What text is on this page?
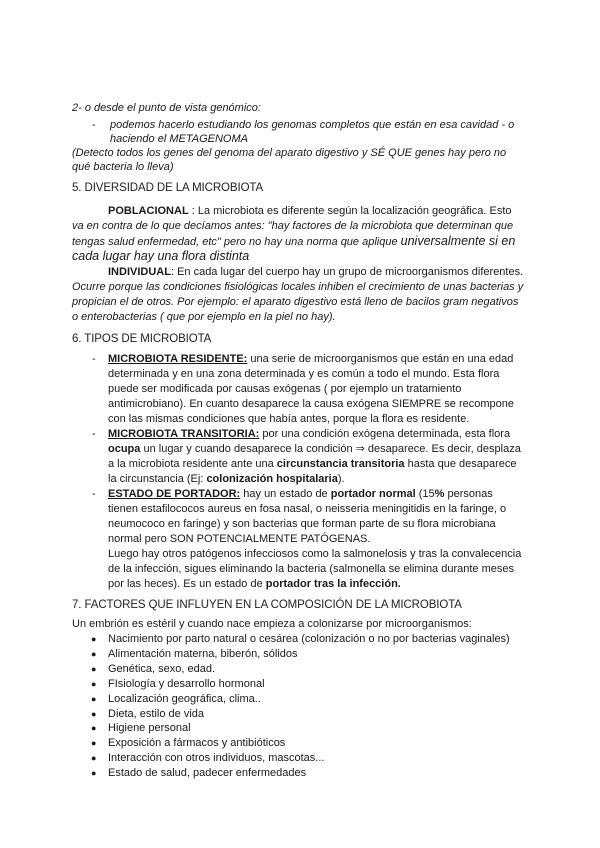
2- o desde el punto de vista genómico:
- podemos hacerlo estudiando los genomas completos que están en esa cavidad - o
haciendo el METAGENOMA
(Detecto todos los genes del genoma del aparato digestivo y SÉ QUE genes hay pero no
qué bacteria lo lleva)
5. DIVERSIDAD DE LA MICROBIOTA
POBLACIONAL : La microbiota es diferente según la localización geográfica. Esto
va en contra de lo que decíamos antes: "hay factores de la microbiota que determinan que
tengas salud enfermedad, etc" pero no hay una norma que aplique universalmente si en
cada lugar hay una flora distinta
INDIVIDUAL: En cada lugar del cuerpo hay un grupo de microorganismos diferentes.
Ocurre porque las condiciones fisiológicas locales inhiben el crecimiento de unas bacterias y
propician el de otros. Por ejemplo: el aparato digestivo está lleno de bacilos gram negativos
o enterobacterias ( que por ejemplo en la piel no hay).
6. TIPOS DE MICROBIOTA
- MICROBIOTA RESIDENTE: una serie de microorganismos que están en una edad
determinada y en una zona determinada y es común a todo el mundo. Esta flora
puede ser modificada por causas exógenas ( por ejemplo un tratamiento
antimicrobiano). En cuanto desaparece la causa exógena SIEMPRE se recompone
con las mismas condiciones que había antes, porque la flora es residente.
- MICROBIOTA TRANSITORIA: por una condición exógena determinada, esta flora
ocupa un lugar y cuando desaparece la condición ⇒ desaparece. Es decir, desplaza
a la microbiota residente ante una circunstancia transitoria hasta que desaparece
la circunstancia (Ej: colonización hospitalaria).
- ESTADO DE PORTADOR: hay un estado de portador normal (15% personas
tienen estafilococos aureus en fosa nasal, o neisseria meningitidis en la faringe, o
neumococo en faringe) y son bacterias que forman parte de su flora microbiana
normal pero SON POTENCIALMENTE PATÓGENAS.
Luego hay otros patógenos infecciosos como la salmonelosis y tras la convalecencia
de la infección, sigues eliminando la bacteria (salmonella se elimina durante meses
por las heces). Es un estado de portador tras la infección.
7. FACTORES QUE INFLUYEN EN LA COMPOSICIÓN DE LA MICROBIOTA
Un embrión es estéril y cuando nace empieza a colonizarse por microorganismos:
● Nacimiento por parto natural o cesárea (colonización o no por bacterias vaginales)
● Alimentación materna, biberón, sólidos
● Genética, sexo, edad.
● FIsiología y desarrollo hormonal
● Localización geográfica, clima..
● Dieta, estilo de vida
● Higiene personal
● Exposición a fármacos y antibióticos
● Interacción con otros individuos, mascotas...
● Estado de salud, padecer enfermedades
